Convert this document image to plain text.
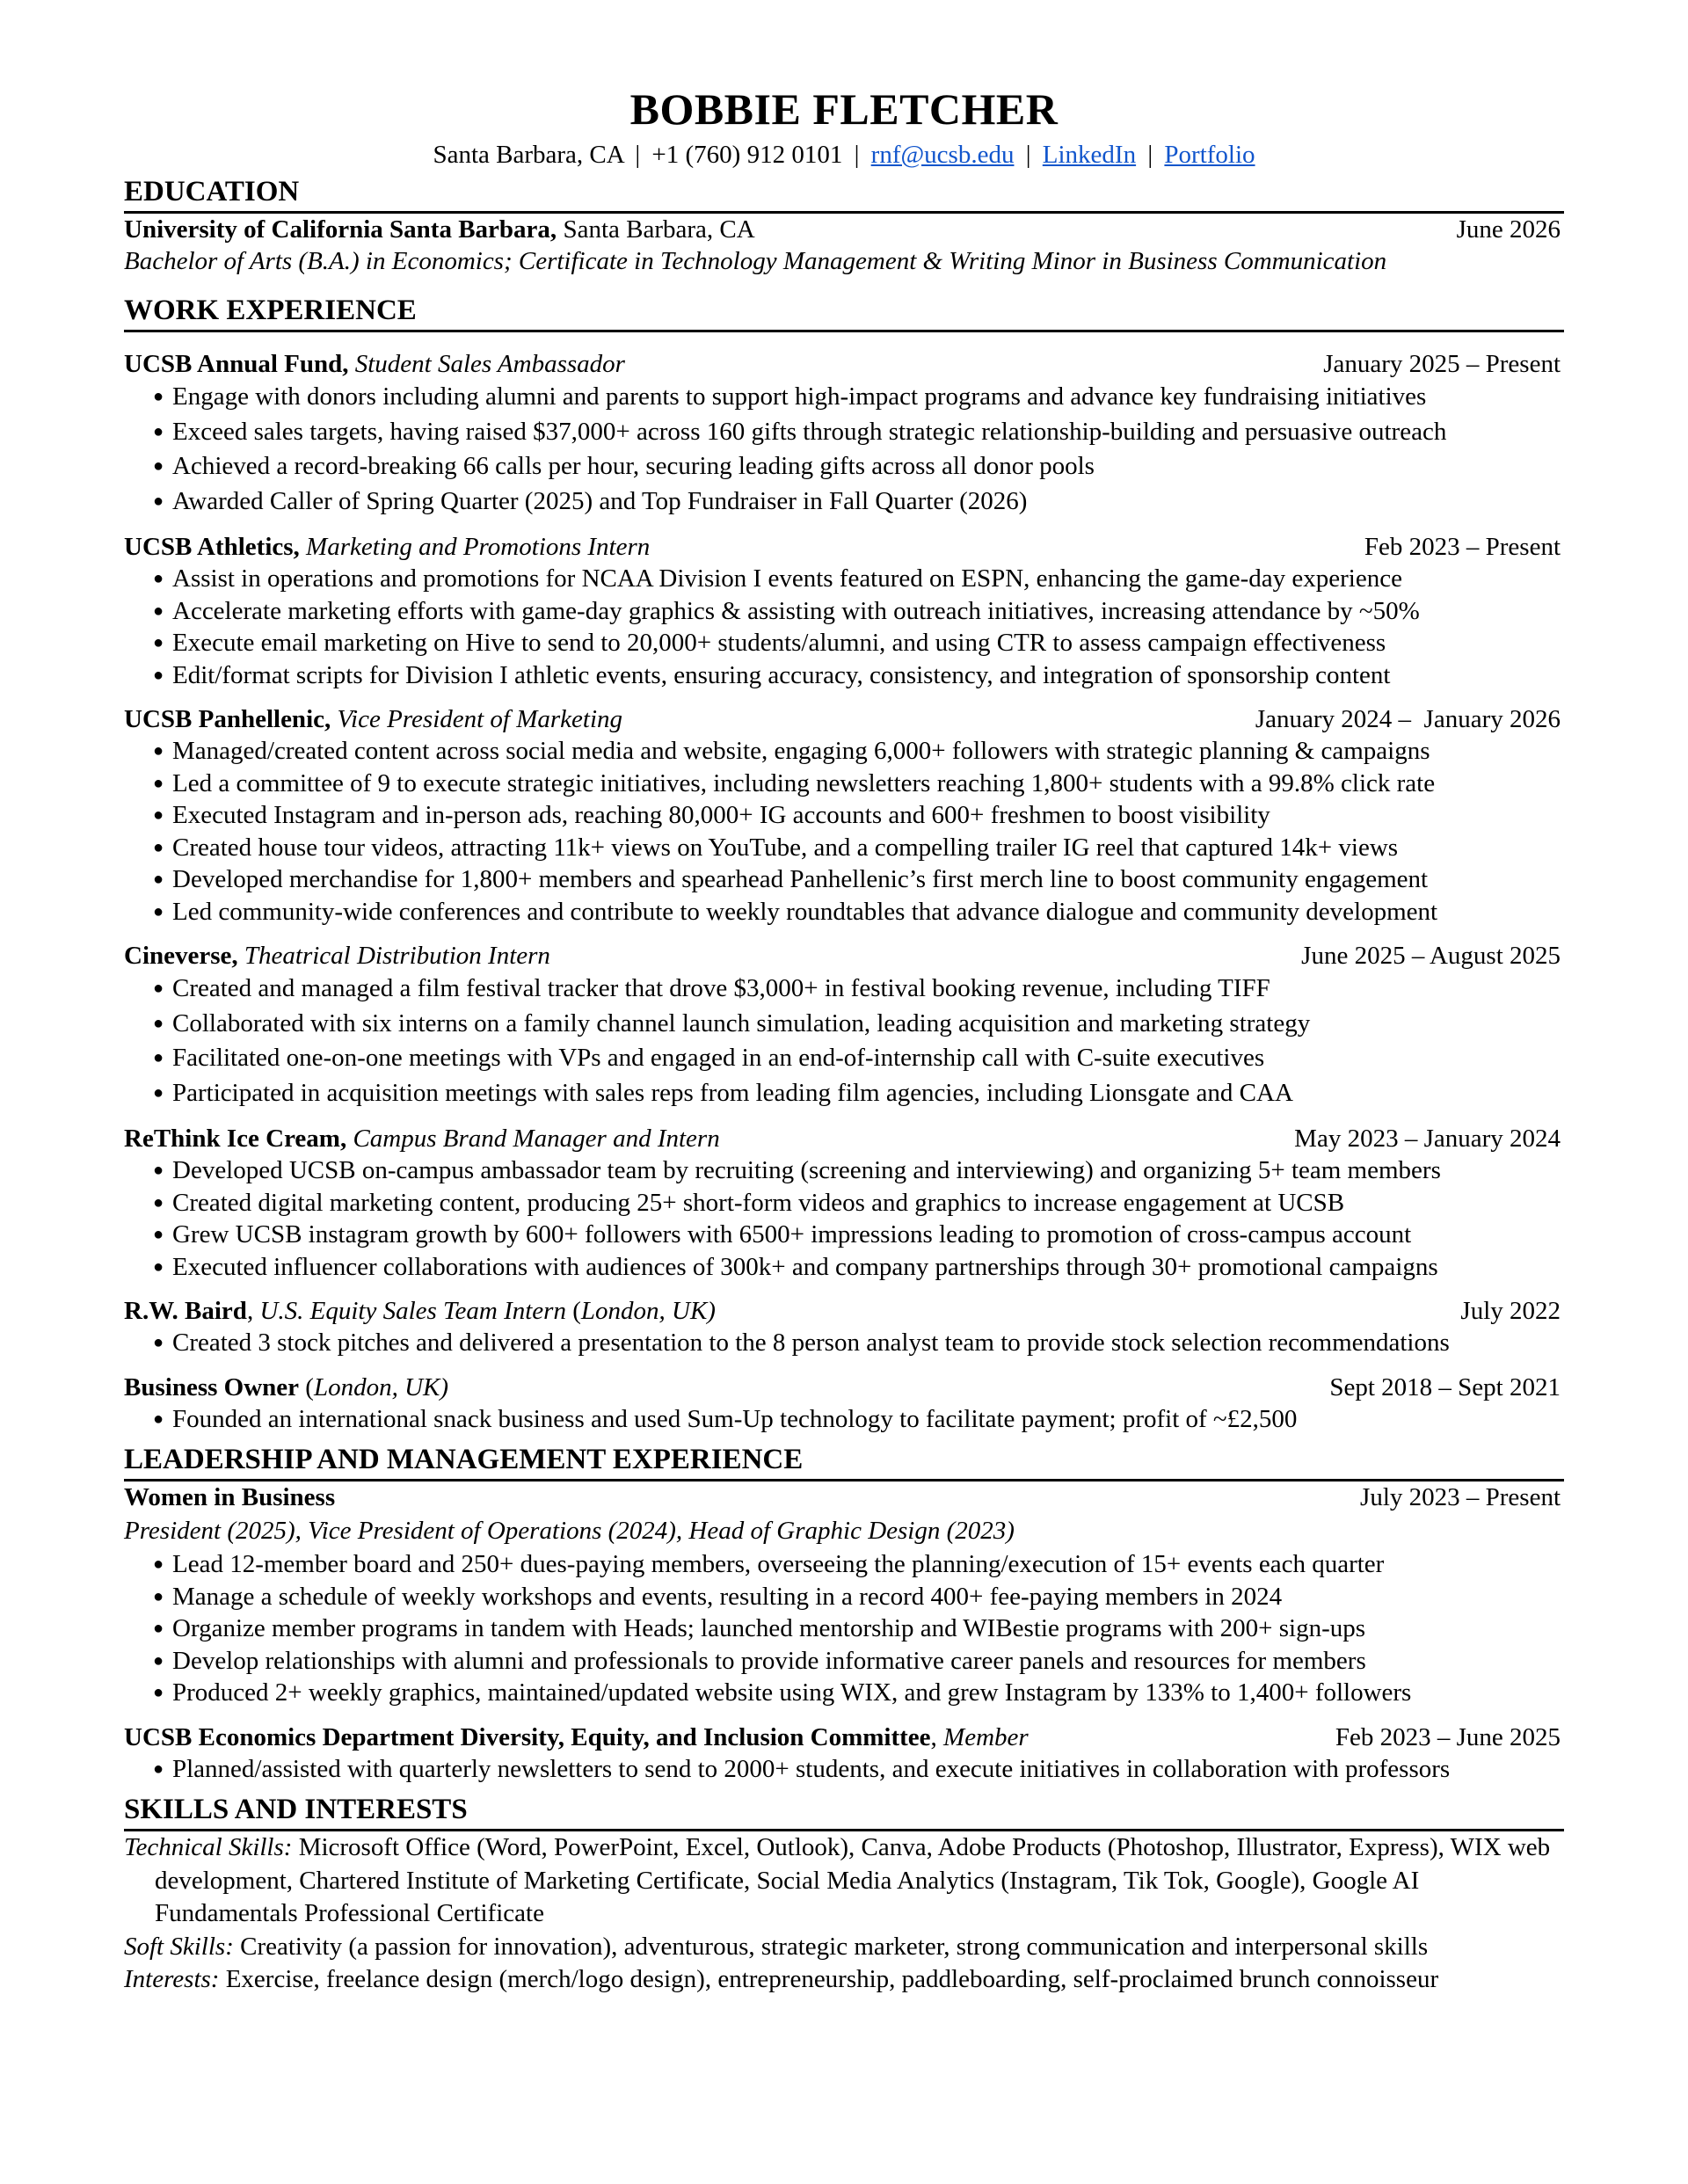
BOBBIE FLETCHER
Santa Barbara, CA | +1 (760) 912 0101 | rnf@ucsb.edu | LinkedIn | Portfolio
EDUCATION
University of California Santa Barbara, Santa Barbara, CA	June 2026
Bachelor of Arts (B.A.) in Economics; Certificate in Technology Management & Writing Minor in Business Communication
WORK EXPERIENCE
UCSB Annual Fund, Student Sales Ambassador	January 2025 – Present
● Engage with donors including alumni and parents to support high-impact programs and advance key fundraising initiatives
● Exceed sales targets, having raised $37,000+ across 160 gifts through strategic relationship-building and persuasive outreach
● Achieved a record-breaking 66 calls per hour, securing leading gifts across all donor pools
● Awarded Caller of Spring Quarter (2025) and Top Fundraiser in Fall Quarter (2026)
UCSB Athletics, Marketing and Promotions Intern	Feb 2023 – Present
● Assist in operations and promotions for NCAA Division I events featured on ESPN, enhancing the game-day experience
● Accelerate marketing efforts with game-day graphics & assisting with outreach initiatives, increasing attendance by ~50%
● Execute email marketing on Hive to send to 20,000+ students/alumni, and using CTR to assess campaign effectiveness
● Edit/format scripts for Division I athletic events, ensuring accuracy, consistency, and integration of sponsorship content
UCSB Panhellenic, Vice President of Marketing	January 2024 –  January 2026
● Managed/created content across social media and website, engaging 6,000+ followers with strategic planning & campaigns
● Led a committee of 9 to execute strategic initiatives, including newsletters reaching 1,800+ students with a 99.8% click rate
● Executed Instagram and in-person ads, reaching 80,000+ IG accounts and 600+ freshmen to boost visibility
● Created house tour videos, attracting 11k+ views on YouTube, and a compelling trailer IG reel that captured 14k+ views
● Developed merchandise for 1,800+ members and spearhead Panhellenic’s first merch line to boost community engagement
● Led community-wide conferences and contribute to weekly roundtables that advance dialogue and community development
Cineverse, Theatrical Distribution Intern	June 2025 – August 2025
● Created and managed a film festival tracker that drove $3,000+ in festival booking revenue, including TIFF
● Collaborated with six interns on a family channel launch simulation, leading acquisition and marketing strategy
● Facilitated one-on-one meetings with VPs and engaged in an end-of-internship call with C-suite executives
● Participated in acquisition meetings with sales reps from leading film agencies, including Lionsgate and CAA
ReThink Ice Cream, Campus Brand Manager and Intern	May 2023 – January 2024
● Developed UCSB on-campus ambassador team by recruiting (screening and interviewing) and organizing 5+ team members
● Created digital marketing content, producing 25+ short-form videos and graphics to increase engagement at UCSB
● Grew UCSB instagram growth by 600+ followers with 6500+ impressions leading to promotion of cross-campus account
● Executed influencer collaborations with audiences of 300k+ and company partnerships through 30+ promotional campaigns
R.W. Baird, U.S. Equity Sales Team Intern (London, UK)	July 2022
● Created 3 stock pitches and delivered a presentation to the 8 person analyst team to provide stock selection recommendations
Business Owner (London, UK)	Sept 2018 – Sept 2021
● Founded an international snack business and used Sum-Up technology to facilitate payment; profit of ~£2,500
LEADERSHIP AND MANAGEMENT EXPERIENCE
Women in Business	July 2023 – Present
President (2025), Vice President of Operations (2024), Head of Graphic Design (2023)
● Lead 12-member board and 250+ dues-paying members, overseeing the planning/execution of 15+ events each quarter
● Manage a schedule of weekly workshops and events, resulting in a record 400+ fee-paying members in 2024
● Organize member programs in tandem with Heads; launched mentorship and WIBestie programs with 200+ sign-ups
● Develop relationships with alumni and professionals to provide informative career panels and resources for members
● Produced 2+ weekly graphics, maintained/updated website using WIX, and grew Instagram by 133% to 1,400+ followers
UCSB Economics Department Diversity, Equity, and Inclusion Committee, Member	Feb 2023 – June 2025
● Planned/assisted with quarterly newsletters to send to 2000+ students, and execute initiatives in collaboration with professors
SKILLS AND INTERESTS

Technical Skills: Microsoft Office (Word, PowerPoint, Excel, Outlook), Canva, Adobe Products (Photoshop, Illustrator, Express), WIX web development, Chartered Institute of Marketing Certificate, Social Media Analytics (Instagram, Tik Tok, Google), Google AI Fundamentals Professional Certificate

Soft Skills: Creativity (a passion for innovation), adventurous, strategic marketer, strong communication and interpersonal skills

Interests: Exercise, freelance design (merch/logo design), entrepreneurship, paddleboarding, self-proclaimed brunch connoisseur
